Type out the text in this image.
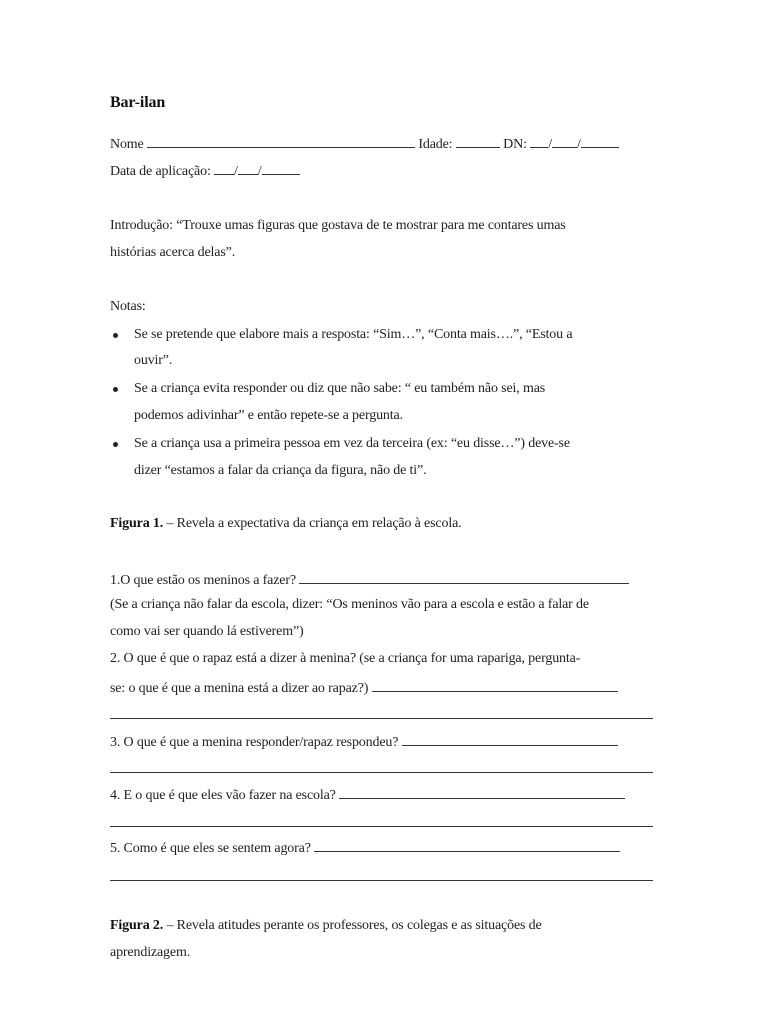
Bar-ilan
Nome	Idade:	DN: / /
Data de aplicação: / /
Introdução: “Trouxe umas figuras que gostava de te mostrar para me contares umas
histórias acerca delas”.
Notas:
Se se pretende que elabore mais a resposta: “Sim…”, “Conta mais….”, “Estou a
ouvir”.
Se a criança evita responder ou diz que não sabe: “ eu também não sei, mas
podemos adivinhar” e então repete-se a pergunta.
Se a criança usa a primeira pessoa em vez da terceira (ex: “eu disse…”) deve-se
dizer “estamos a falar da criança da figura, não de ti”.
Figura 1. – Revela a expectativa da criança em relação à escola.
1.O que estão os meninos a fazer?
(Se a criança não falar da escola, dizer: “Os meninos vão para a escola e estão a falar de
como vai ser quando lá estiverem”)
2. O que é que o rapaz está a dizer à menina? (se a criança for uma rapariga, pergunta-
se: o que é que a menina está a dizer ao rapaz?)
3. O que é que a menina responder/rapaz respondeu?
4. E o que é que eles vão fazer na escola?
5. Como é que eles se sentem agora?
Figura 2. – Revela atitudes perante os professores, os colegas e as situações de
aprendizagem.
